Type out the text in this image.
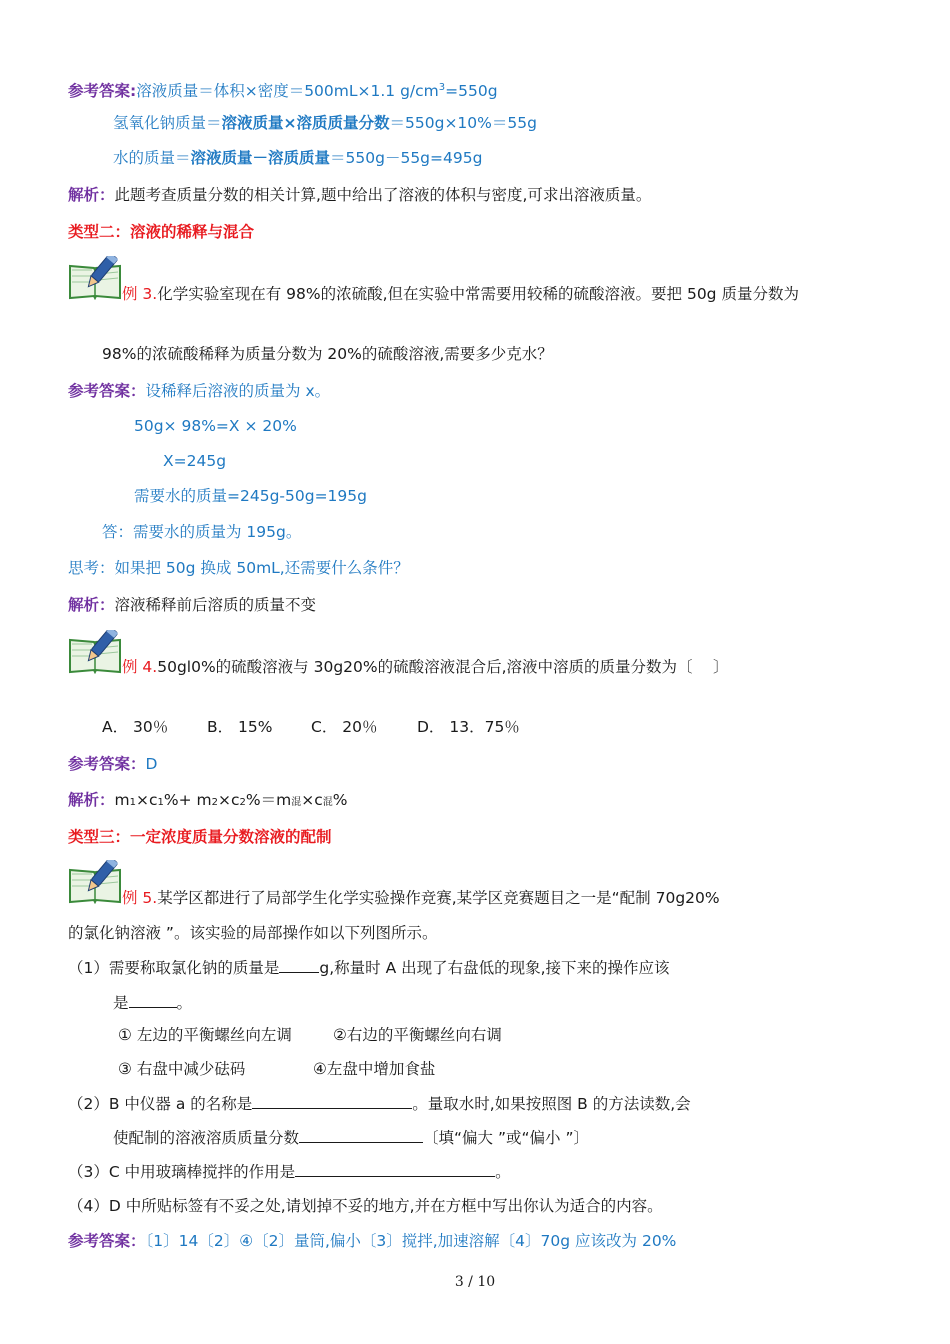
参考答案:溶液质量＝体积×密度＝500mL×1.1 $g/cm^3=550g$
氢氧化钠质量＝溶液质量×溶质质量分数＝550g×10%＝55g
水的质量＝溶液质量－溶质质量＝550g－55g=495g
解析：此题考查质量分数的相关计算,题中给出了溶液的体积与密度,可求出溶液质量。
类型二：溶液的稀释与混合
例 3.化学实验室现在有 98%的浓硫酸,但在实验中常需要用较稀的硫酸溶液。要把 50g 质量分数为
98%的浓硫酸稀释为质量分数为 20%的硫酸溶液,需要多少克水？
参考答案：设稀释后溶液的质量为 x。
50g× 98%=X × 20%
X=245g
需要水的质量=245g-50g=195g
答：需要水的质量为 195g。
思考：如果把 50g 换成 50mL,还需要什么条件？
解析：溶液稀释前后溶质的质量不变
例 4.50gl0%的硫酸溶液与 30g20%的硫酸溶液混合后,溶液中溶质的质量分数为〔　 〕
A． 30％ B． 15% C． 20％	D． 13．75％
参考答案：D
解析：m1×c1%+ m2×c2%＝m混×c混%
类型三：一定浓度质量分数溶液的配制
例 5.某学区都进行了局部学生化学实验操作竞赛,某学区竞赛题目之一是“配制 70g20%
的氯化钠溶液 ”。该实验的局部操作如以下列图所示。
（1）需要称取氯化钠的质量是	g,称量时 A 出现了右盘低的现象,接下来的操作应该
是	。
① 左边的平衡螺丝向左调	②右边的平衡螺丝向右调
③ 右盘中减少砝码	④左盘中增加食盐
（2）B 中仪器 a 的名称是	。量取水时,如果按照图 B 的方法读数,会
使配制的溶液溶质质量分数	〔填“偏大 ”或“偏小 ”〕
（3）C 中用玻璃棒搅拌的作用是	。
（4）D 中所贴标签有不妥之处,请划掉不妥的地方,并在方框中写出你认为适合的内容。
参考答案：〔1〕14〔2〕④〔2〕量筒,偏小〔3〕搅拌,加速溶解〔4〕70g 应该改为 20%
3 / 10
